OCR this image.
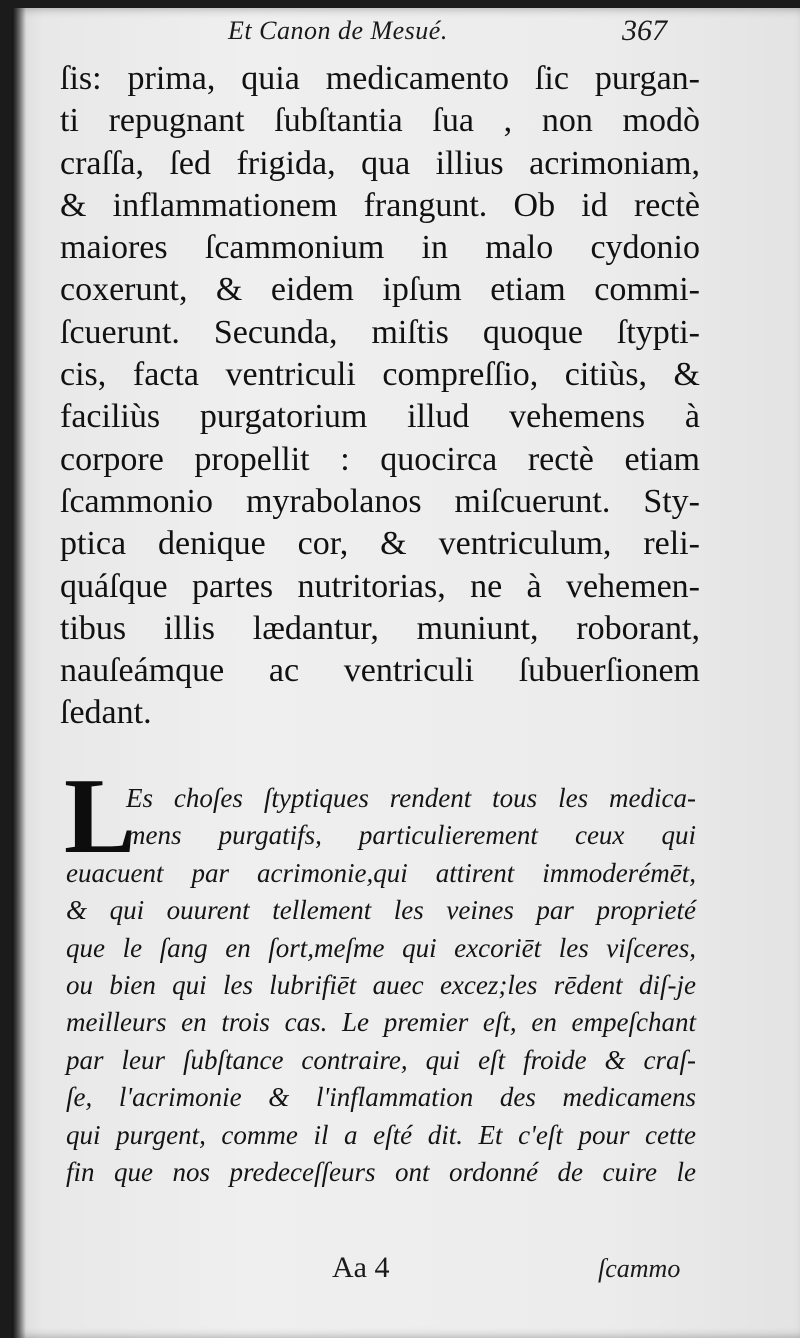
Et Canon de Mesué.	367
ſis: prima, quia medicamento ſic purgan-
ti repugnant ſubſtantia ſua , non modò
craſſa, ſed frigida, qua illius acrimoniam,
& inflammationem frangunt. Ob id rectè
maiores ſcammonium in malo cydonio
coxerunt, & eidem ipſum etiam commi-
ſcuerunt. Secunda, miſtis quoque ſtypti-
cis, facta ventriculi compreſſio, citiùs, &
faciliùs purgatorium illud vehemens à
corpore propellit : quocirca rectè etiam
ſcammonio myrabolanos miſcuerunt. Sty-
ptica denique cor, & ventriculum, reli-
quáſque partes nutritorias, ne à vehemen-
tibus illis lædantur, muniunt, roborant,
nauſeámque ac ventriculi ſubuerſionem
ſedant.
L
Es choſes ſtyptiques rendent tous les medica-
mens purgatifs, particulierement ceux qui
euacuent par acrimonie,qui attirent immoderémēt,
& qui ouurent tellement les veines par proprieté
que le ſang en ſort,meſme qui excoriēt les viſceres,
ou bien qui les lubrifiēt auec excez;les rēdent diſ-je
meilleurs en trois cas. Le premier eſt, en empeſchant
par leur ſubſtance contraire, qui eſt froide & craſ-
ſe, l'acrimonie & l'inflammation des medicamens
qui purgent, comme il a eſté dit. Et c'eſt pour cette
fin que nos predeceſſeurs ont ordonné de cuire le
Aa 4	ſcammo
